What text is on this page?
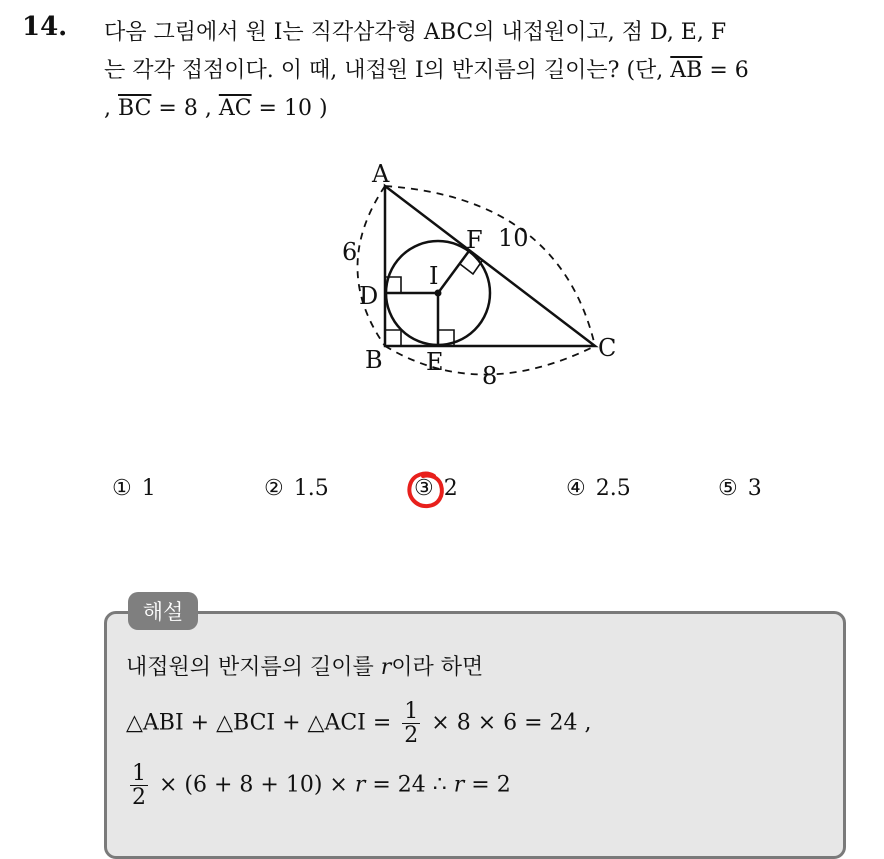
14. 다음 그림에서 원 I는 직각삼각형 ABC의 내접원이고, 점 D, E, F
는 각각 접점이다. 이 때, 내접원 I의 반지름의 길이는? (단, $\overline{AB} = 6$
, $\overline{BC} = 8$ , $\overline{AC} = 10$ )
A
B	C
D
E
F
I
6	10
8
① 1	② 1.5	③ 2	④ 2.5	⑤ 3
해설
내접원의 반지름의 길이를 r이라 하면
△ABI + △BCI + △ACI = $\frac{1}{2} \times 8 \times 6 = 24$ ,
$\frac{1}{2} \times (6 + 8 + 10) \times r = 24$ ∴ r = 2
